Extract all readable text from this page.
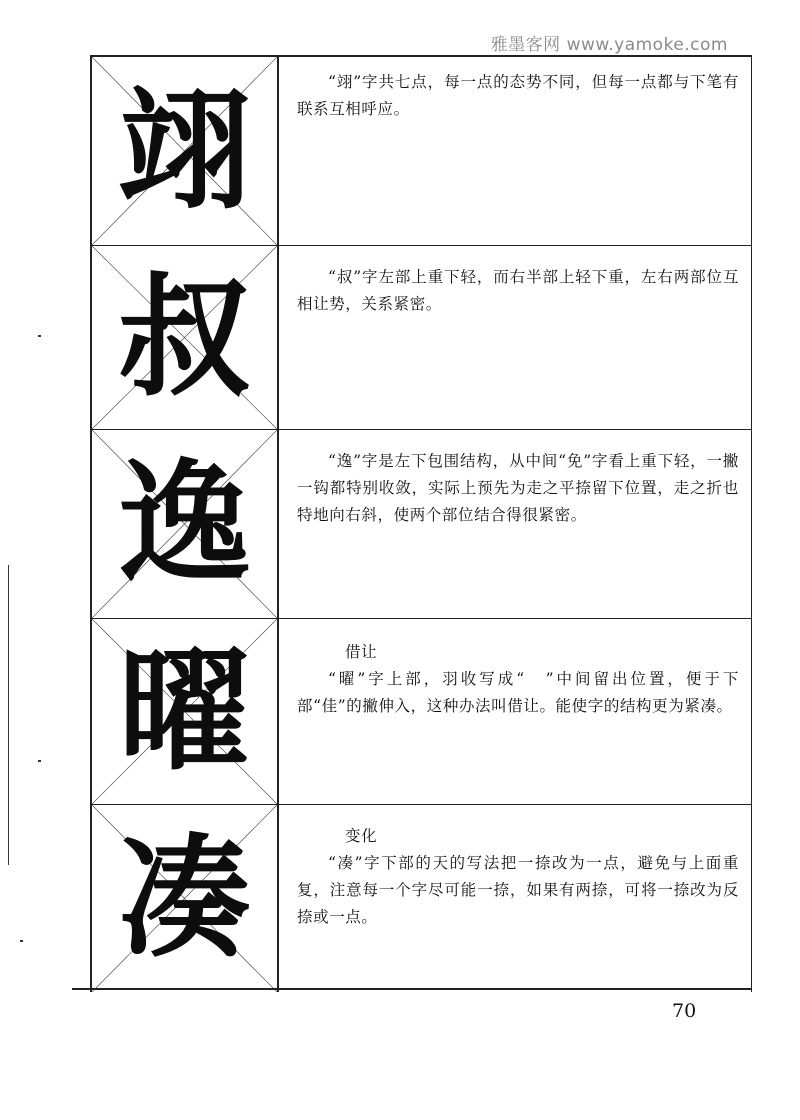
雅墨客网 www.yamoke.com
翊	“翊”字共七点，每一点的态势不同，但每一点都与下笔有联系互相呼应。

叔	“叔”字左部上重下轻，而右半部上轻下重，左右两部位互相让势，关系紧密。

逸	“逸”字是左下包围结构，从中间“免”字看上重下轻，一撇一钩都特别收敛，实际上预先为走之平捺留下位置，走之折也特地向右斜，使两个部位结合得很紧密。

曜	借让

“曜”字上部，羽收写成“　”中间留出位置，便于下部“佳”的撇伸入，这种办法叫借让。能使字的结构更为紧凑。

凑	变化

“凑”字下部的天的写法把一捺改为一点，避免与上面重复，注意每一个字尽可能一捺，如果有两捺，可将一捺改为反捺或一点。

70
